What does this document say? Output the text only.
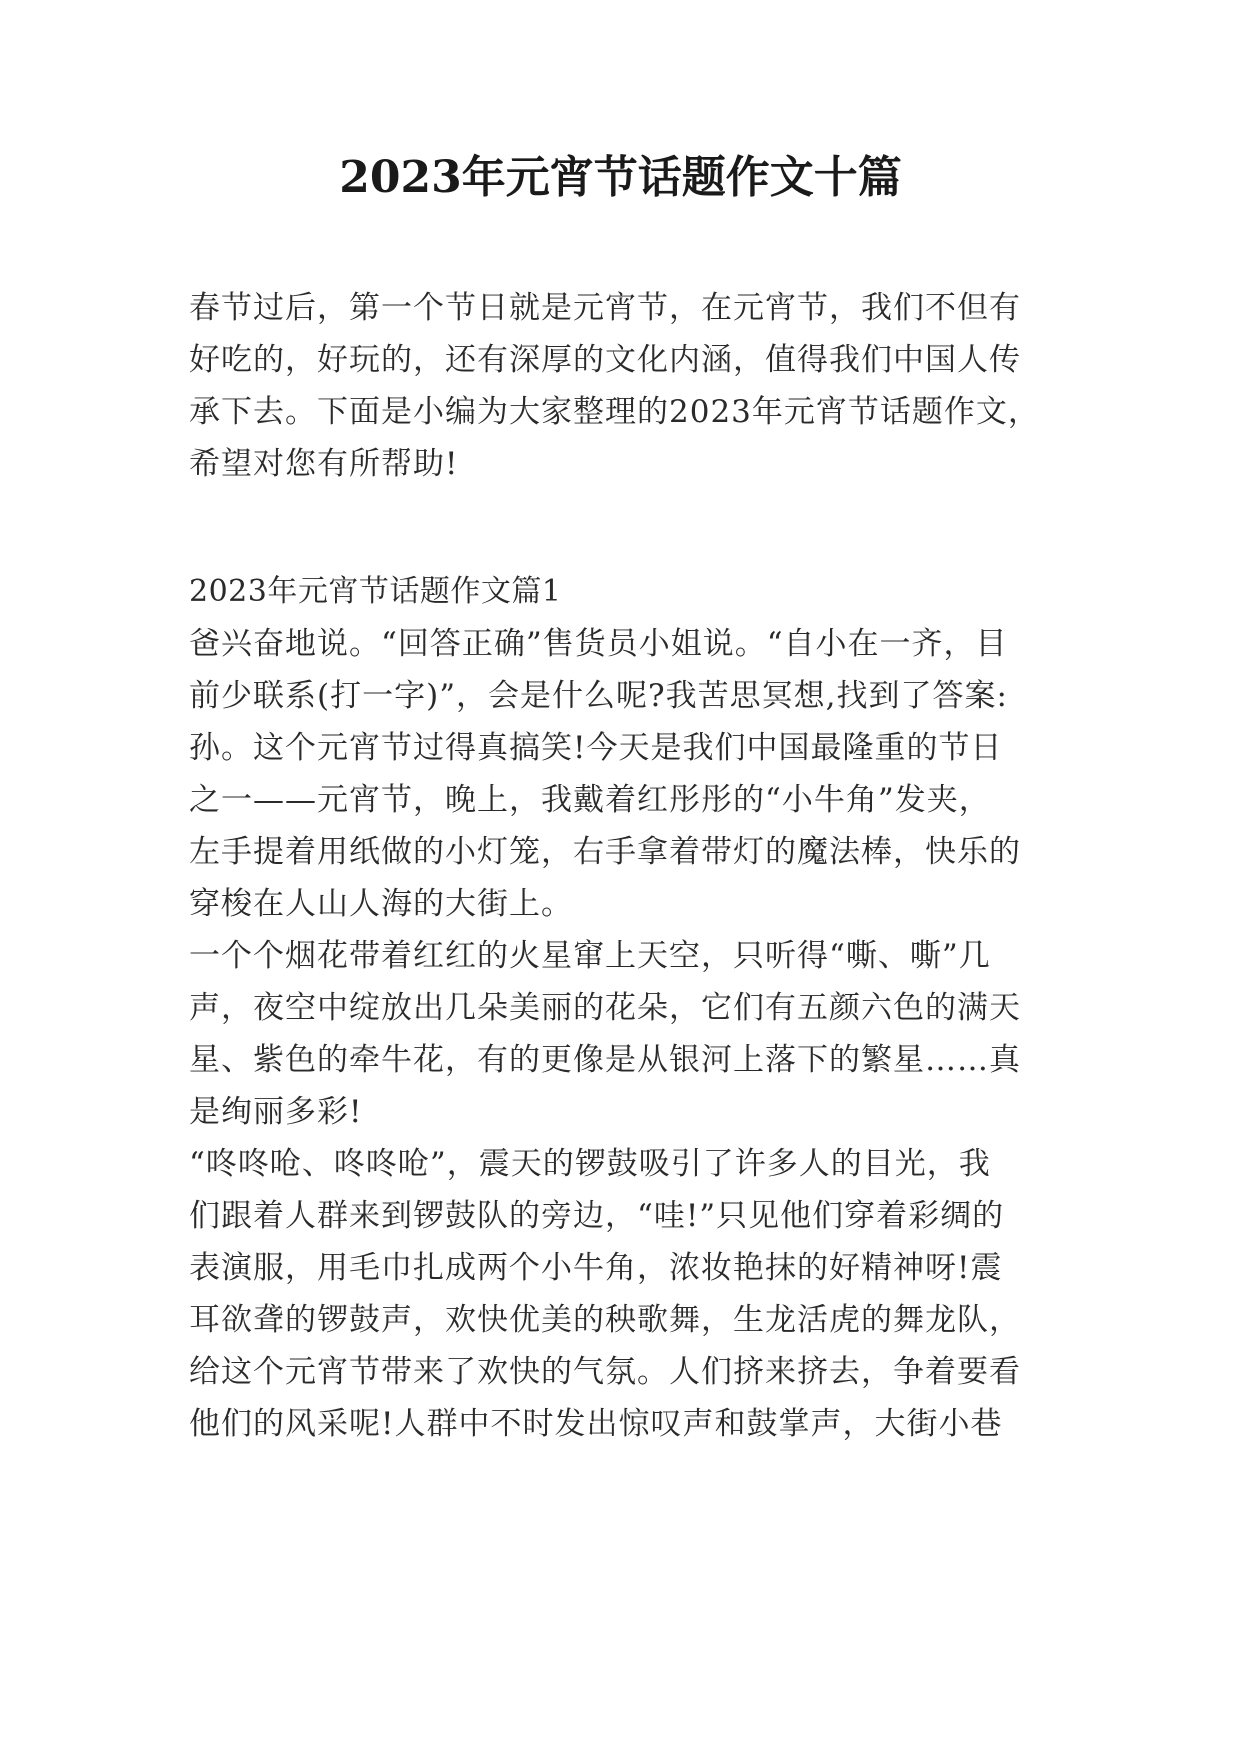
2023年元宵节话题作文十篇
春节过后，第一个节日就是元宵节，在元宵节，我们不但有
好吃的，好玩的，还有深厚的文化内涵，值得我们中国人传
承下去。下面是小编为大家整理的2023年元宵节话题作文，
希望对您有所帮助!
2023年元宵节话题作文篇1
爸兴奋地说。“回答正确”售货员小姐说。“自小在一齐，目
前少联系(打一字)”，会是什么呢?我苦思冥想,找到了答案:
孙。这个元宵节过得真搞笑!今天是我们中国最隆重的节日
之一——元宵节，晚上，我戴着红彤彤的“小牛角”发夹，
左手提着用纸做的小灯笼，右手拿着带灯的魔法棒，快乐的
穿梭在人山人海的大街上。
一个个烟花带着红红的火星窜上天空，只听得“嘶、嘶”几
声，夜空中绽放出几朵美丽的花朵，它们有五颜六色的满天
星、紫色的牵牛花，有的更像是从银河上落下的繁星……真
是绚丽多彩!
“咚咚呛、咚咚呛”，震天的锣鼓吸引了许多人的目光，我
们跟着人群来到锣鼓队的旁边，“哇!”只见他们穿着彩绸的
表演服，用毛巾扎成两个小牛角，浓妆艳抹的好精神呀!震
耳欲聋的锣鼓声，欢快优美的秧歌舞，生龙活虎的舞龙队，
给这个元宵节带来了欢快的气氛。人们挤来挤去，争着要看
他们的风采呢!人群中不时发出惊叹声和鼓掌声，大街小巷
